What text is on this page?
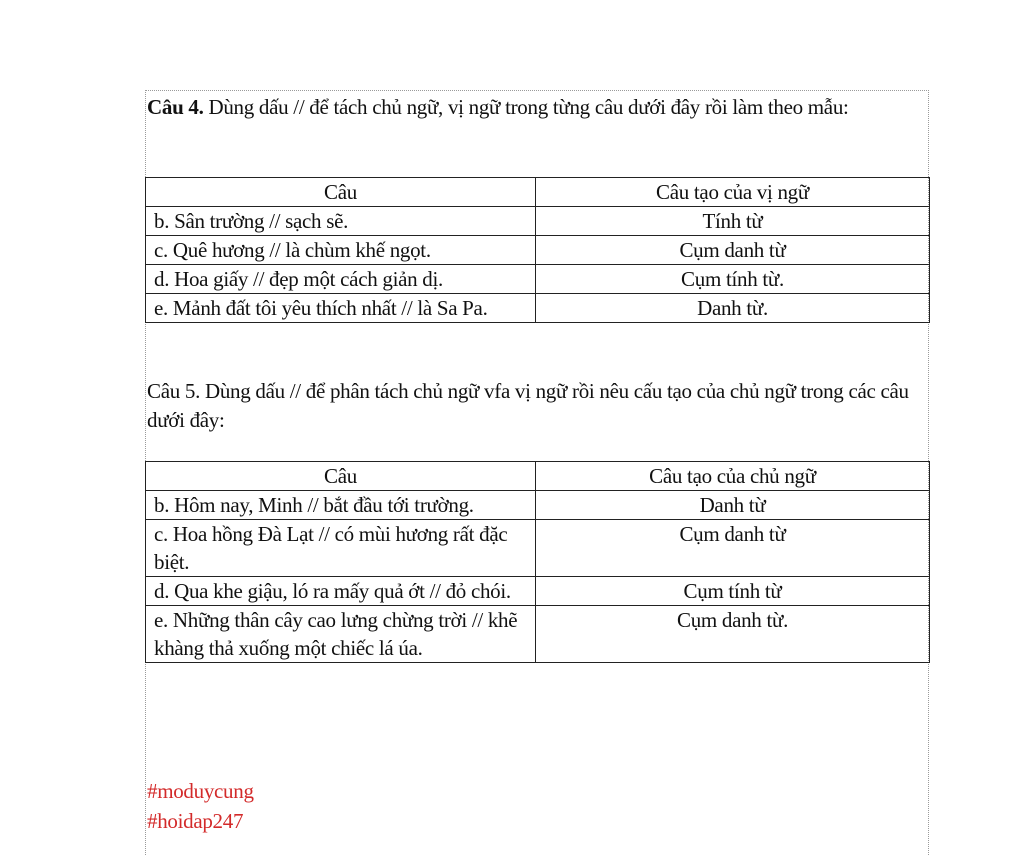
Câu 4. Dùng dấu // để tách chủ ngữ, vị ngữ trong từng câu dưới đây rồi làm theo mẫu:

Câu	Câu tạo của vị ngữ
b. Sân trường // sạch sẽ.	Tính từ
c. Quê hương // là chùm khế ngọt.	Cụm danh từ
d. Hoa giấy // đẹp một cách giản dị.	Cụm tính từ.
e. Mảnh đất tôi yêu thích nhất // là Sa Pa.	Danh từ.

Câu 5. Dùng dấu // để phân tách chủ ngữ vfa vị ngữ rồi nêu cấu tạo của chủ ngữ trong các câu dưới đây:

Câu	Câu tạo của chủ ngữ
b. Hôm nay, Minh // bắt đầu tới trường.	Danh từ
c. Hoa hồng Đà Lạt // có mùi hương rất đặc biệt.	Cụm danh từ
d. Qua khe giậu, ló ra mấy quả ớt // đỏ chói.	Cụm tính từ
e. Những thân cây cao lưng chừng trời // khẽ khàng thả xuống một chiếc lá úa.	Cụm danh từ.
#moduycung
#hoidap247
